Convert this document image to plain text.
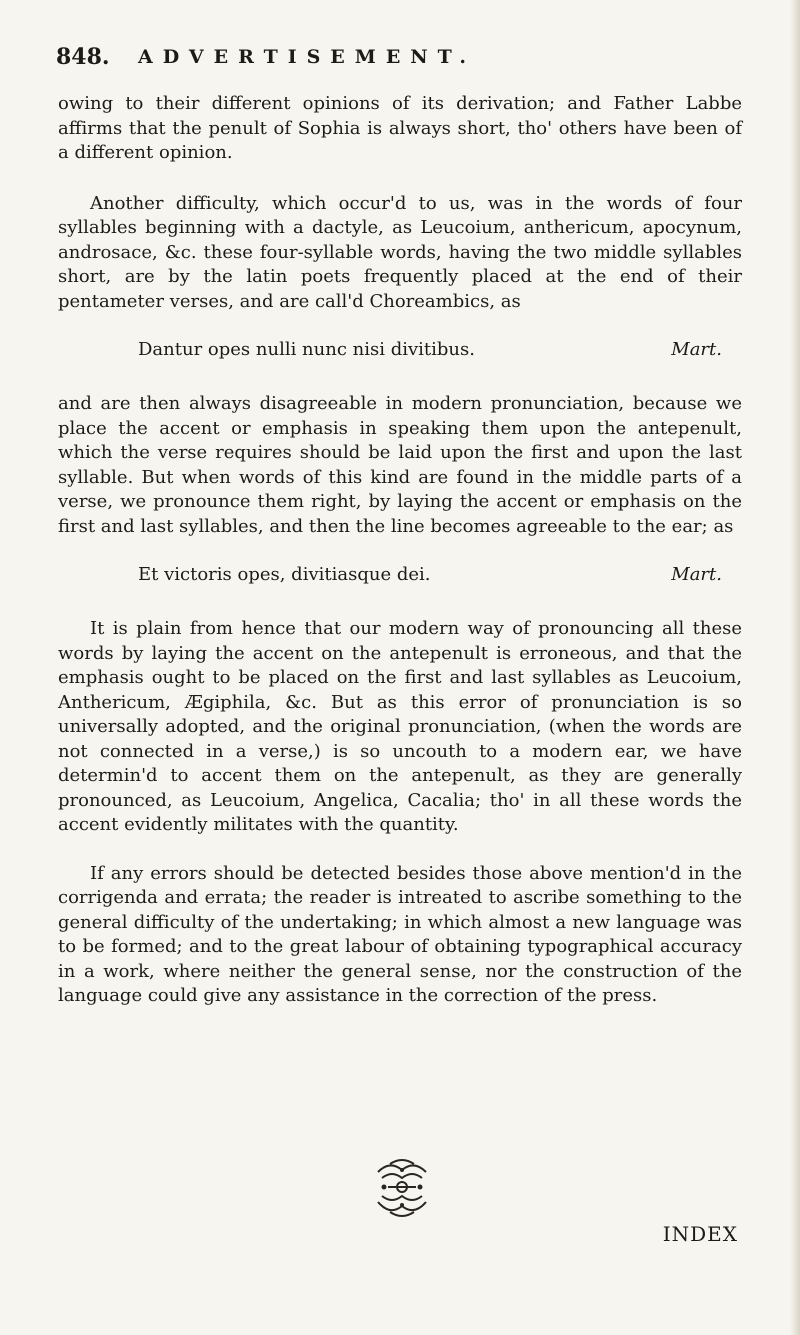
848. ADVERTISEMENT.

owing to their different opinions of its derivation; and Father Labbe affirms that the penult of Sophia is always short, tho' others have been of a different opinion.

Another difficulty, which occur'd to us, was in the words of four syllables beginning with a dactyle, as Leucoium, anthericum, apocynum, androsace, &c. these four-syllable words, having the two middle syllables short, are by the latin poets frequently placed at the end of their pentameter verses, and are call'd Choreambics, as

Dantur opes nulli nunc nisi divitibus.	Mart.

and are then always disagreeable in modern pronunciation, because we place the accent or emphasis in speaking them upon the antepenult, which the verse requires should be laid upon the first and upon the last syllable. But when words of this kind are found in the middle parts of a verse, we pronounce them right, by laying the accent or emphasis on the first and last syllables, and then the line becomes agreeable to the ear; as

Et victoris opes, divitiasque dei.	Mart.

It is plain from hence that our modern way of pronouncing all these words by laying the accent on the antepenult is erroneous, and that the emphasis ought to be placed on the first and last syllables as Leucoium, Anthericum, Ægiphila, &c. But as this error of pronunciation is so universally adopted, and the original pronunciation, (when the words are not connected in a verse,) is so uncouth to a modern ear, we have determin'd to accent them on the antepenult, as they are generally pronounced, as Leucoium, Angelica, Cacalia; tho' in all these words the accent evidently militates with the quantity.

If any errors should be detected besides those above mention'd in the corrigenda and errata; the reader is intreated to ascribe something to the general difficulty of the undertaking; in which almost a new language was to be formed; and to the great labour of obtaining typographical accuracy in a work, where neither the general sense, nor the construction of the language could give any assistance in the correction of the press.

INDEX
